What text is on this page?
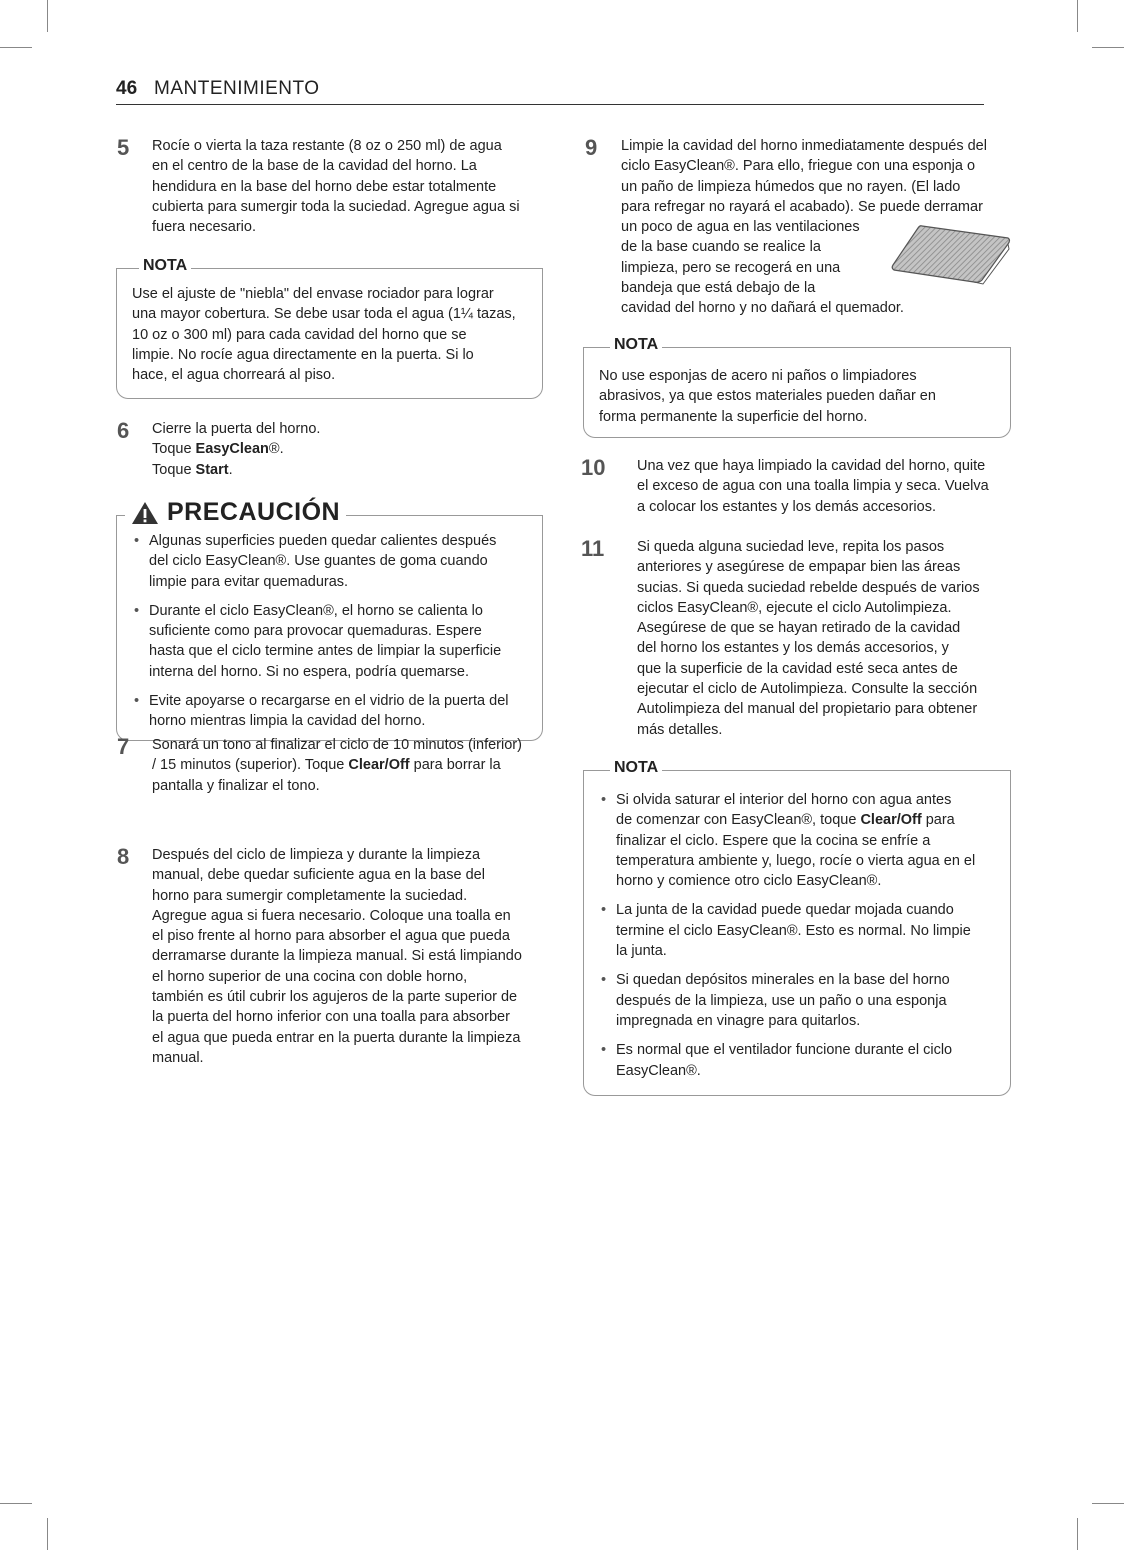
46 MANTENIMIENTO
5 Rocíe o vierta la taza restante (8 oz o 250 ml) de agua
en el centro de la base de la cavidad del horno. La
hendidura en la base del horno debe estar totalmente
cubierta para sumergir toda la suciedad. Agregue agua si
fuera necesario.
NOTA
Use el ajuste de "niebla" del envase rociador para lograr
una mayor cobertura. Se debe usar toda el agua (1¼ tazas,
10 oz o 300 ml) para cada cavidad del horno que se
limpie. No rocíe agua directamente en la puerta. Si lo
hace, el agua chorreará al piso.
6 Cierre la puerta del horno.
Toque EasyClean®.
Toque Start.
PRECAUCIÓN
• Algunas superficies pueden quedar calientes después
del ciclo EasyClean®. Use guantes de goma cuando
limpie para evitar quemaduras.
• Durante el ciclo EasyClean®, el horno se calienta lo
suficiente como para provocar quemaduras. Espere
hasta que el ciclo termine antes de limpiar la superficie
interna del horno. Si no espera, podría quemarse.
• Evite apoyarse o recargarse en el vidrio de la puerta del
horno mientras limpia la cavidad del horno.
7 Sonará un tono al finalizar el ciclo de 10 minutos (inferior)
/ 15 minutos (superior). Toque Clear/Off para borrar la
pantalla y finalizar el tono.
8 Después del ciclo de limpieza y durante la limpieza
manual, debe quedar suficiente agua en la base del
horno para sumergir completamente la suciedad.
Agregue agua si fuera necesario. Coloque una toalla en
el piso frente al horno para absorber el agua que pueda
derramarse durante la limpieza manual. Si está limpiando
el horno superior de una cocina con doble horno,
también es útil cubrir los agujeros de la parte superior de
la puerta del horno inferior con una toalla para absorber
el agua que pueda entrar en la puerta durante la limpieza
manual.
9 Limpie la cavidad del horno inmediatamente después del
ciclo EasyClean®. Para ello, friegue con una esponja o
un paño de limpieza húmedos que no rayen. (El lado
para refregar no rayará el acabado). Se puede derramar
un poco de agua en las ventilaciones
de la base cuando se realice la
limpieza, pero se recogerá en una
bandeja que está debajo de la
cavidad del horno y no dañará el quemador.
NOTA
No use esponjas de acero ni paños o limpiadores
abrasivos, ya que estos materiales pueden dañar en
forma permanente la superficie del horno.
10 Una vez que haya limpiado la cavidad del horno, quite
el exceso de agua con una toalla limpia y seca. Vuelva
a colocar los estantes y los demás accesorios.
11 Si queda alguna suciedad leve, repita los pasos
anteriores y asegúrese de empapar bien las áreas
sucias. Si queda suciedad rebelde después de varios
ciclos EasyClean®, ejecute el ciclo Autolimpieza.
Asegúrese de que se hayan retirado de la cavidad
del horno los estantes y los demás accesorios, y
que la superficie de la cavidad esté seca antes de
ejecutar el ciclo de Autolimpieza. Consulte la sección
Autolimpieza del manual del propietario para obtener
más detalles.
NOTA
• Si olvida saturar el interior del horno con agua antes
de comenzar con EasyClean®, toque Clear/Off para
finalizar el ciclo. Espere que la cocina se enfríe a
temperatura ambiente y, luego, rocíe o vierta agua en el
horno y comience otro ciclo EasyClean®.
• La junta de la cavidad puede quedar mojada cuando
termine el ciclo EasyClean®. Esto es normal. No limpie
la junta.
• Si quedan depósitos minerales en la base del horno
después de la limpieza, use un paño o una esponja
impregnada en vinagre para quitarlos.
• Es normal que el ventilador funcione durante el ciclo
EasyClean®.
